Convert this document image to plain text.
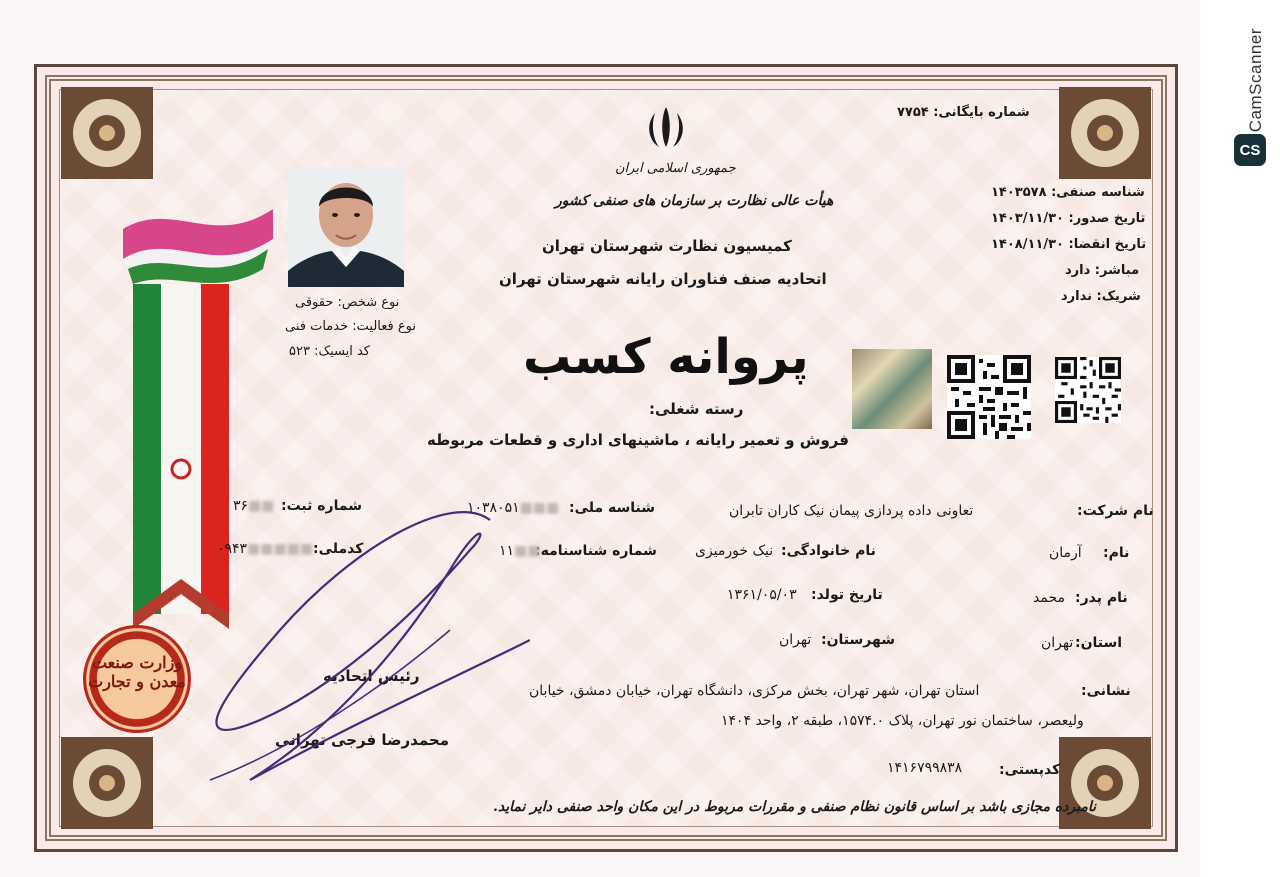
CamScanner
CS
وزارت صنعت معدن و تجارت
نوع شخص: حقوقی
نوع فعالیت: خدمات فنی
کد ایسیک: ۵۲۳
جمهوری اسلامی ایران
هیأت عالی نظارت بر سازمان های صنفی کشور
کمیسیون نظارت شهرستان تهران
اتحادیه صنف فناوران رایانه شهرستان تهران
شماره بایگانی: ۷۷۵۴
شناسه صنفی: ۱۴۰۳۵۷۸
تاریخ صدور: ۱۴۰۳/۱۱/۳۰
تاریخ انقضا: ۱۴۰۸/۱۱/۳۰
مباشر: دارد
شریک: ندارد
پروانه کسب
رسته شغلی:
فروش و تعمیر رایانه ، ماشینهای اداری و قطعات مربوطه
نام شرکت:
تعاونی داده پردازی پیمان نیک کاران تابران
شناسه ملی:
■■■۱۰۳۸۰۵۱
شماره ثبت:
■■۳۶
نام:
آرمان
نام خانوادگی:
نیک خورمیزی
شماره شناسنامه:
■■۱۱
کدملی:
■■■■■۰۹۴۳
نام پدر:
محمد
تاریخ تولد:
۱۳۶۱/۰۵/۰۳
استان:
تهران
شهرستان:
تهران
نشانی:
استان تهران، شهر تهران، بخش مرکزی، دانشگاه تهران، خیابان دمشق، خیابان
ولیعصر، ساختمان نور تهران، پلاک ۱۵۷۴.۰، طبقه ۲، واحد ۱۴۰۴
کدپستی:
۱۴۱۶۷۹۹۸۳۸
رئیس اتحادیه
محمدرضا فرجی تهرانی
نامبرده مجازی باشد بر اساس قانون نظام صنفی و مقررات مربوط در این مکان واحد صنفی دایر نماید.
